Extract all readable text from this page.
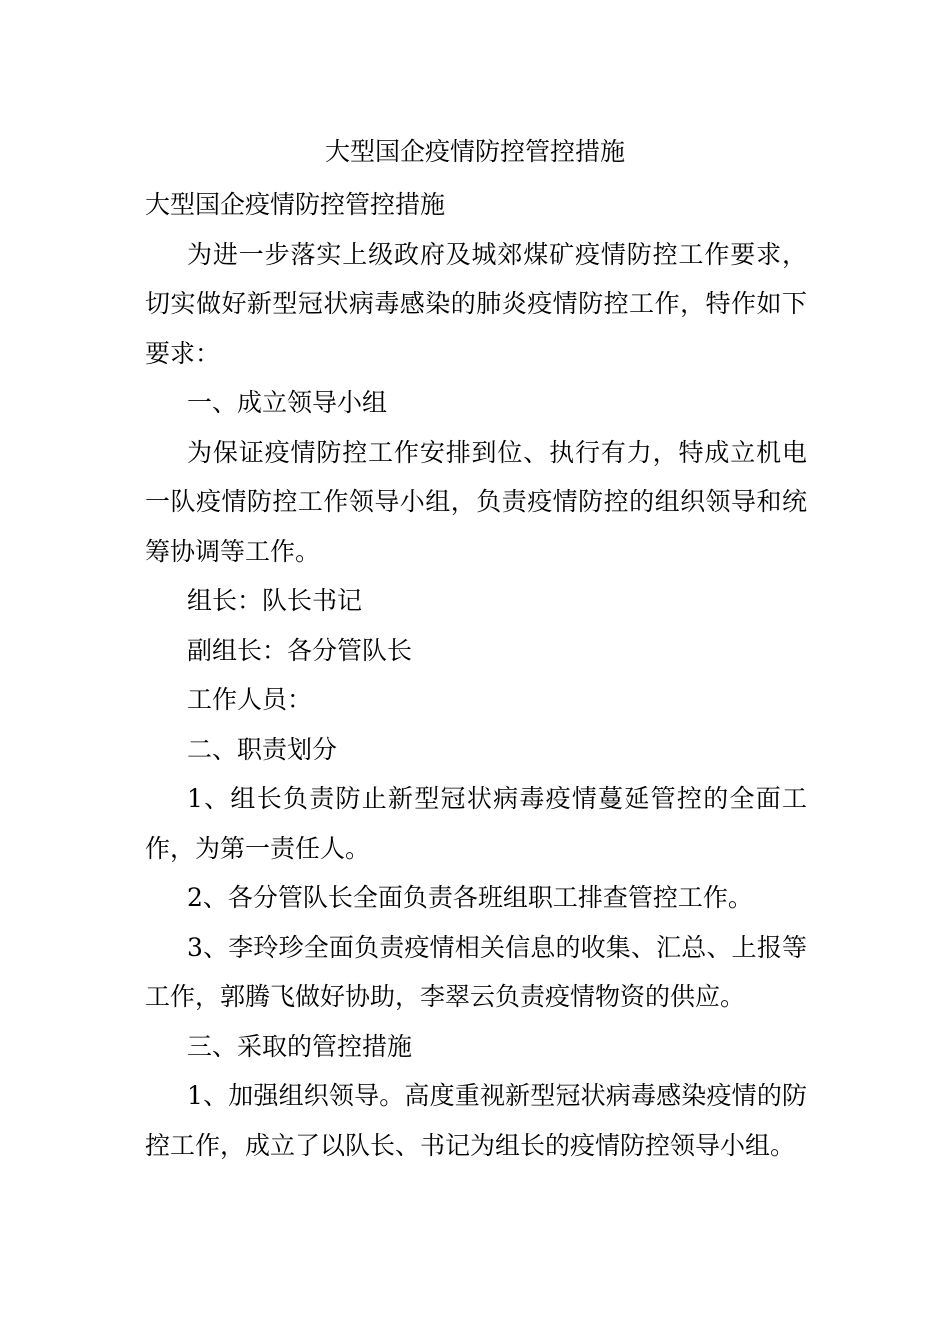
大型国企疫情防控管控措施

大型国企疫情防控管控措施

为进一步落实上级政府及城郊煤矿疫情防控工作要求，切实做好新型冠状病毒感染的肺炎疫情防控工作，特作如下要求：

一、成立领导小组

为保证疫情防控工作安排到位、执行有力，特成立机电一队疫情防控工作领导小组，负责疫情防控的组织领导和统筹协调等工作。

组长：队长书记

副组长：各分管队长

工作人员：

二、职责划分

1、组长负责防止新型冠状病毒疫情蔓延管控的全面工作，为第一责任人。

2、各分管队长全面负责各班组职工排查管控工作。

3、李玲珍全面负责疫情相关信息的收集、汇总、上报等工作，郭腾飞做好协助，李翠云负责疫情物资的供应。

三、采取的管控措施

1、加强组织领导。高度重视新型冠状病毒感染疫情的防控工作，成立了以队长、书记为组长的疫情防控领导小组。
